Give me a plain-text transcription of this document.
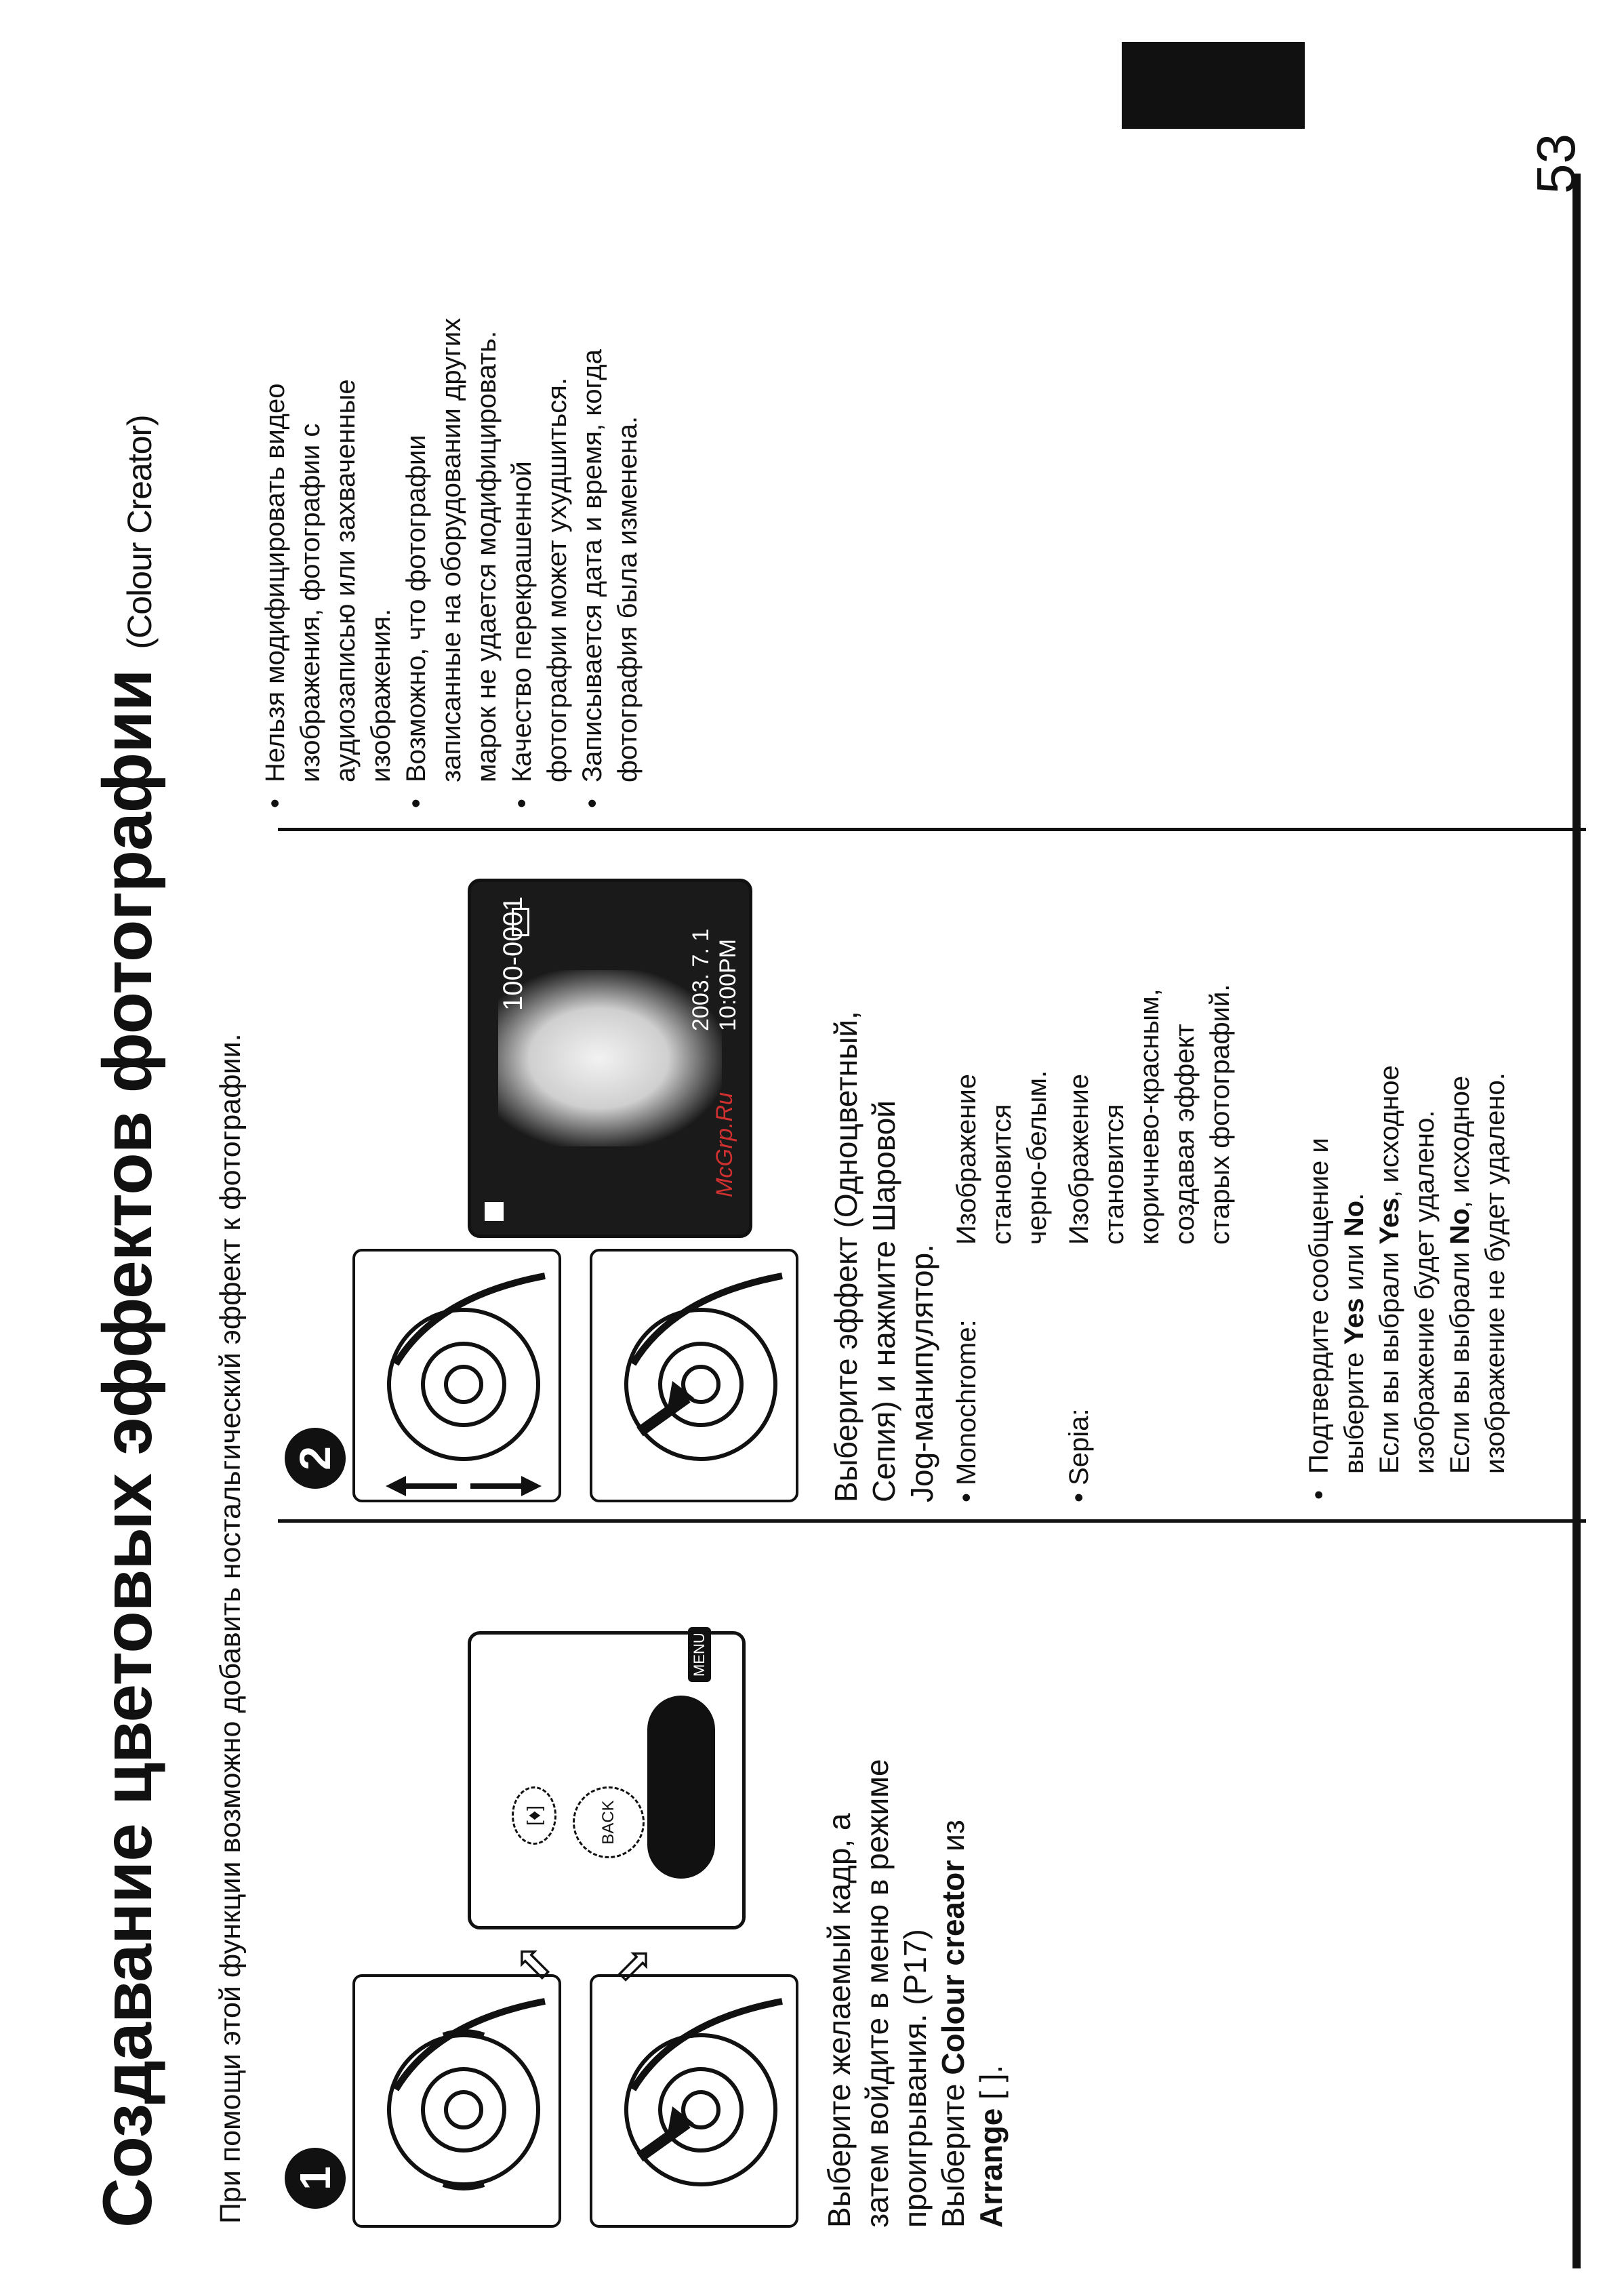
Создавание цветовых эффектов фотографии(Colour Creator)
При помощи этой функции возможно добавить ностальгический эффект к фотографии.
53
1
⇨ ⇨
[♦]	BACK
MENU
Выберите желаемый кадр, а затем войдите в меню в режиме проигрывания. (P17) Выберите Colour creator из
Arrange [ ].
2
100-0001	2003. 7. 1 10:00PM
McGrp.Ru	Выберите эффект (Одноцветный, Сепия) и нажмите Шаровой Jog-манипулятор. • Monochrome:
Изображение становится черно-белым.
• Sepia:
Изображение становится коричнево-красным, создавая эффект старых фотографий.
• Подтвердите сообщение и выберите Yes или No.
Если вы выбрали Yes, исходное изображение будет удалено. Если вы выбрали No, исходное изображение не будет удалено.
• Нельзя модифицировать видео изображения, фотографии с аудиозаписью или захваченные изображения. • Возможно, что фотографии записанные на оборудовании других марок не удается модифицировать. • Качество перекрашенной фотографии может ухудшиться. • Записывается дата и время, когда фотография была изменена.
